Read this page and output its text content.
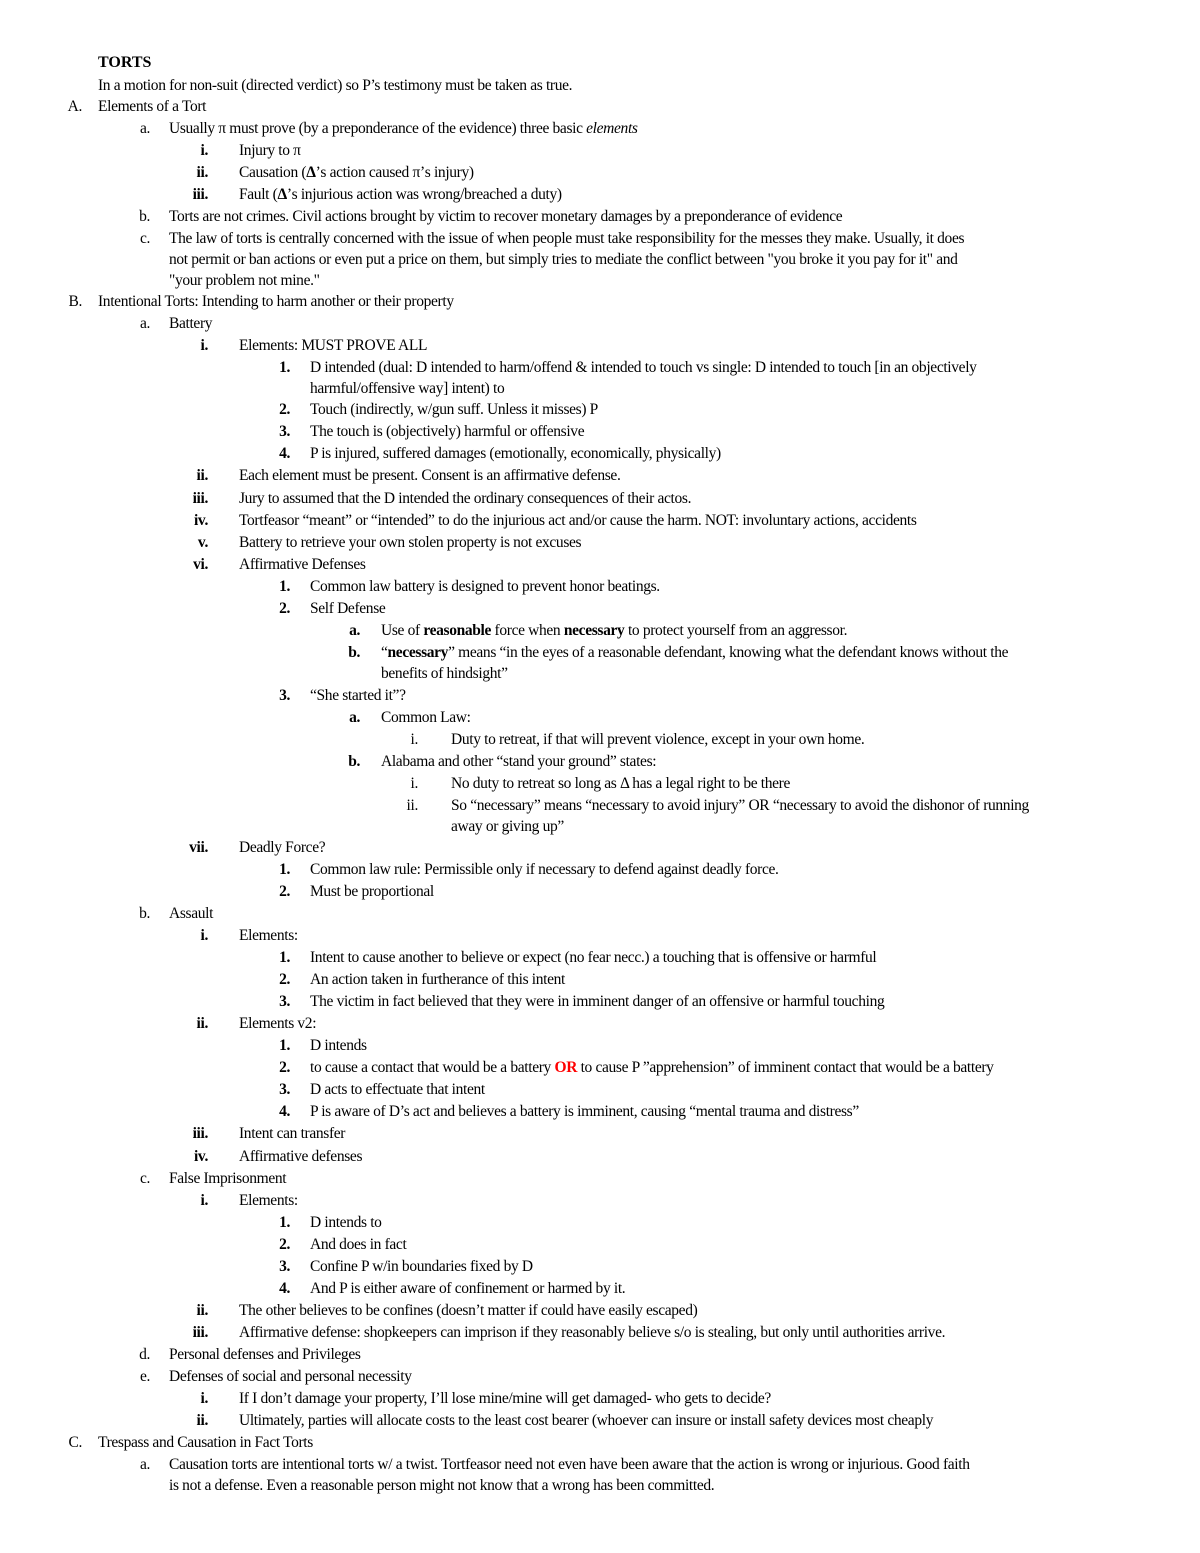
TORTS
In a motion for non-suit (directed verdict) so P’s testimony must be taken as true.
A. Elements of a Tort
a. Usually π must prove (by a preponderance of the evidence) three basic elements
i. Injury to π
ii. Causation (Δ’s action caused π’s injury)
iii. Fault (Δ’s injurious action was wrong/breached a duty)
b. Torts are not crimes. Civil actions brought by victim to recover monetary damages by a preponderance of evidence
c. The law of torts is centrally concerned with the issue of when people must take responsibility for the messes they make. Usually, it does
not permit or ban actions or even put a price on them, but simply tries to mediate the conflict between "you broke it you pay for it" and
"your problem not mine."
B. Intentional Torts: Intending to harm another or their property
a. Battery
i. Elements: MUST PROVE ALL
1. D intended (dual: D intended to harm/offend & intended to touch vs single: D intended to touch [in an objectively
harmful/offensive way] intent) to
2. Touch (indirectly, w/gun suff. Unless it misses) P
3. The touch is (objectively) harmful or offensive
4. P is injured, suffered damages (emotionally, economically, physically)
ii. Each element must be present. Consent is an affirmative defense.
iii. Jury to assumed that the D intended the ordinary consequences of their actos.
iv. Tortfeasor “meant” or “intended” to do the injurious act and/or cause the harm. NOT: involuntary actions, accidents
v. Battery to retrieve your own stolen property is not excuses
vi. Affirmative Defenses
1. Common law battery is designed to prevent honor beatings.
2. Self Defense
a. Use of reasonable force when necessary to protect yourself from an aggressor.
b. “necessary” means “in the eyes of a reasonable defendant, knowing what the defendant knows without the
benefits of hindsight”
3. “She started it”?
a. Common Law:
i. Duty to retreat, if that will prevent violence, except in your own home.
b. Alabama and other “stand your ground” states:
i. No duty to retreat so long as Δ has a legal right to be there
ii. So “necessary” means “necessary to avoid injury” OR “necessary to avoid the dishonor of running
away or giving up”
vii. Deadly Force?
1. Common law rule: Permissible only if necessary to defend against deadly force.
2. Must be proportional
b. Assault
i. Elements:
1. Intent to cause another to believe or expect (no fear necc.) a touching that is offensive or harmful
2. An action taken in furtherance of this intent
3. The victim in fact believed that they were in imminent danger of an offensive or harmful touching
ii. Elements v2:
1. D intends
2. to cause a contact that would be a battery OR to cause P ”apprehension” of imminent contact that would be a battery
3. D acts to effectuate that intent
4. P is aware of D’s act and believes a battery is imminent, causing “mental trauma and distress”
iii. Intent can transfer
iv. Affirmative defenses
c. False Imprisonment
i. Elements:
1. D intends to
2. And does in fact
3. Confine P w/in boundaries fixed by D
4. And P is either aware of confinement or harmed by it.
ii. The other believes to be confines (doesn’t matter if could have easily escaped)
iii. Affirmative defense: shopkeepers can imprison if they reasonably believe s/o is stealing, but only until authorities arrive.
d. Personal defenses and Privileges
e. Defenses of social and personal necessity
i. If I don’t damage your property, I’ll lose mine/mine will get damaged- who gets to decide?
ii. Ultimately, parties will allocate costs to the least cost bearer (whoever can insure or install safety devices most cheaply
C. Trespass and Causation in Fact Torts
a. Causation torts are intentional torts w/ a twist. Tortfeasor need not even have been aware that the action is wrong or injurious. Good faith
is not a defense. Even a reasonable person might not know that a wrong has been committed.
